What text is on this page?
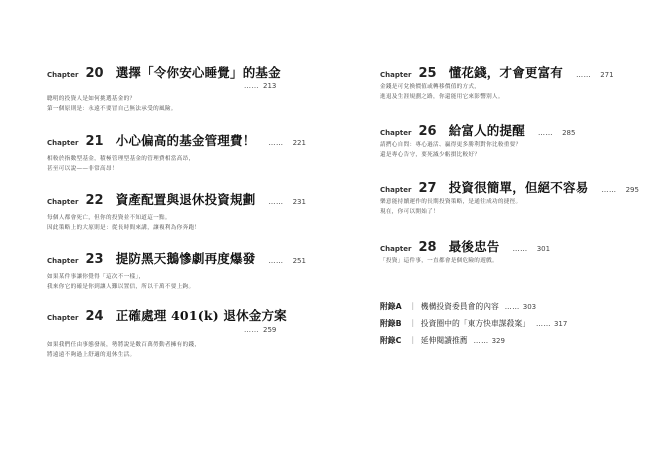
Chapter 20 選擇「令你安心睡覺」的基金
…… 213
聰明的投資人是如何挑選基金的？
第一個原則是：永遠不要冒自己無法承受的風險。
Chapter 21 小心偏高的基金管理費！ …… 221
相較於指數型基金，積極管理型基金的管理費相當高昂，
甚至可以說——非常高昂！
Chapter 22 資產配置與退休投資規劃 …… 231
每個人都會死亡，但你的投資並不知道這一點。
因此策略上的大原則是：從長時間來講，讓複利為你奔跑！
Chapter 23 提防黑天鵝慘劇再度爆發 …… 251
如果某件事讓你覺得「這次不一樣」，
我來你它的確是你到讓人難以置信，所以千萬不要上鉤。
Chapter 24 正確處理 401(k) 退休金方案
…… 259
如果我們任由事態發展，勢將說是數百萬勞動者擁有的錢，
將遠遠不夠過上舒適的退休生活。
Chapter 25 懂花錢，才會更富有 …… 271
金錢是可兌換價值或轉移價值的方式，
進退及生涯規劃之路，你還能用它來影響別人。
Chapter 26 給富人的提醒 …… 285
請捫心自問：專心過活、贏得更多勝利對你比較重要？
還是專心告守，要死滅少虧損比較好？
Chapter 27 投資很簡單，但絕不容易 …… 295
樂意能持續運作的長期投資策略，是通往成功的捷徑。
現在，你可以開始了！
Chapter 28 最後忠告 …… 301
「投資」這件事，一直都會是個危險的遊戲。
附錄A ｜ 機構投資委員會的內容 …… 303
附錄B ｜ 投資圈中的「東方快車謀殺案」 …… 317
附錄C ｜ 延伸閱讀推薦 …… 329
